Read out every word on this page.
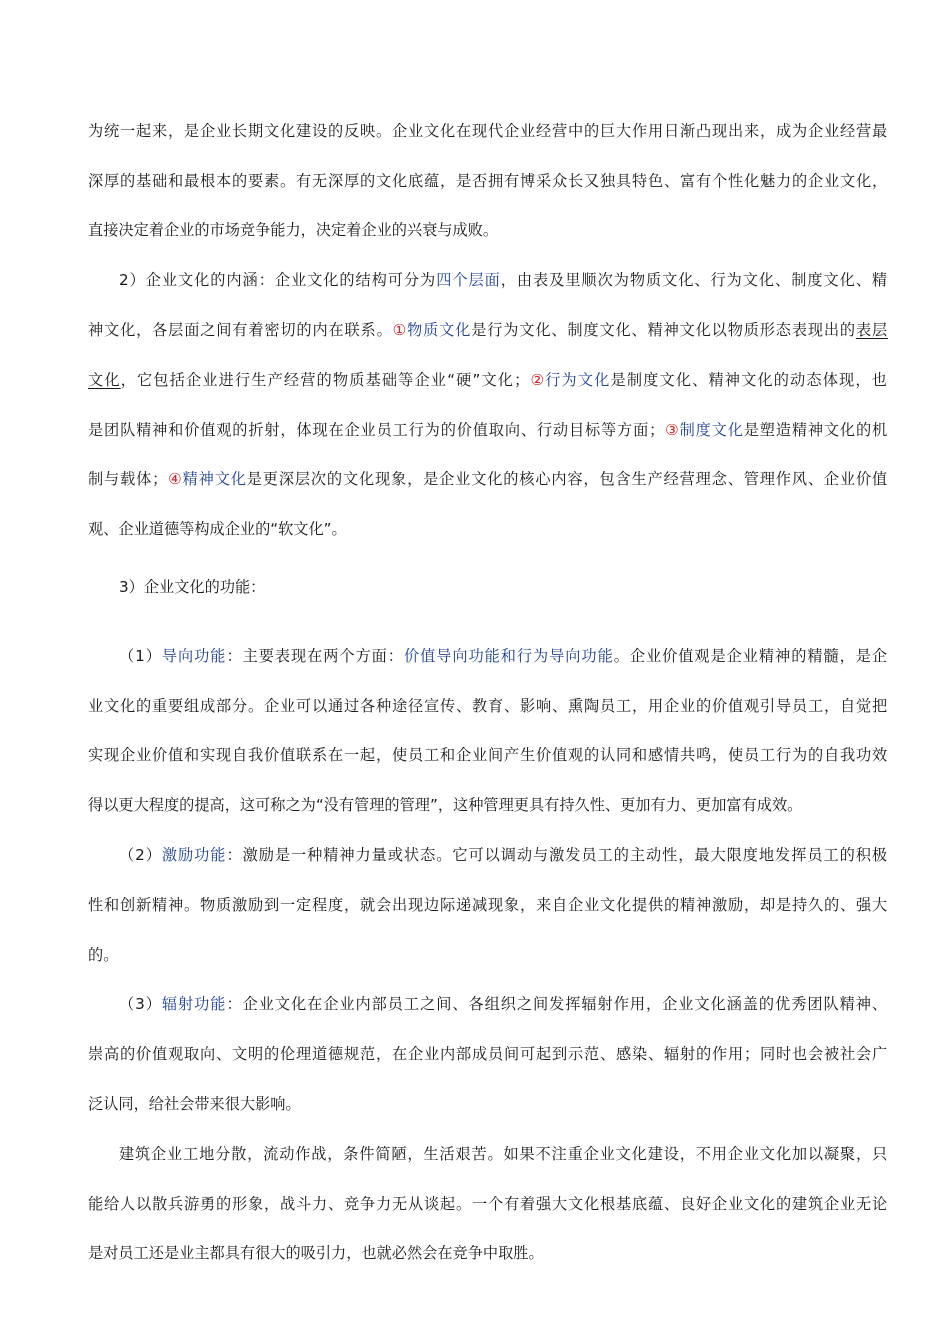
为统一起来，是企业长期文化建设的反映。企业文化在现代企业经营中的巨大作用日渐凸现出来，成为企业经营最
深厚的基础和最根本的要素。有无深厚的文化底蕴，是否拥有博采众长又独具特色、富有个性化魅力的企业文化，
直接决定着企业的市场竞争能力，决定着企业的兴衰与成败。
2）企业文化的内涵：企业文化的结构可分为四个层面，由表及里顺次为物质文化、行为文化、制度文化、精
神文化，各层面之间有着密切的内在联系。①物质文化是行为文化、制度文化、精神文化以物质形态表现出的表层
文化，它包括企业进行生产经营的物质基础等企业“硬”文化；②行为文化是制度文化、精神文化的动态体现，也
是团队精神和价值观的折射，体现在企业员工行为的价值取向、行动目标等方面；③制度文化是塑造精神文化的机
制与载体；④精神文化是更深层次的文化现象，是企业文化的核心内容，包含生产经营理念、管理作风、企业价值
观、企业道德等构成企业的“软文化”。
3）企业文化的功能：
（1）导向功能：主要表现在两个方面：价值导向功能和行为导向功能。企业价值观是企业精神的精髓，是企
业文化的重要组成部分。企业可以通过各种途径宣传、教育、影响、熏陶员工，用企业的价值观引导员工，自觉把
实现企业价值和实现自我价值联系在一起，使员工和企业间产生价值观的认同和感情共鸣，使员工行为的自我功效
得以更大程度的提高，这可称之为“没有管理的管理”，这种管理更具有持久性、更加有力、更加富有成效。
（2）激励功能：激励是一种精神力量或状态。它可以调动与激发员工的主动性，最大限度地发挥员工的积极
性和创新精神。物质激励到一定程度，就会出现边际递减现象，来自企业文化提供的精神激励，却是持久的、强大
的。
（3）辐射功能：企业文化在企业内部员工之间、各组织之间发挥辐射作用，企业文化涵盖的优秀团队精神、
崇高的价值观取向、文明的伦理道德规范，在企业内部成员间可起到示范、感染、辐射的作用；同时也会被社会广
泛认同，给社会带来很大影响。
建筑企业工地分散，流动作战，条件简陋，生活艰苦。如果不注重企业文化建设，不用企业文化加以凝聚，只
能给人以散兵游勇的形象，战斗力、竞争力无从谈起。一个有着强大文化根基底蕴、良好企业文化的建筑企业无论
是对员工还是业主都具有很大的吸引力，也就必然会在竞争中取胜。
